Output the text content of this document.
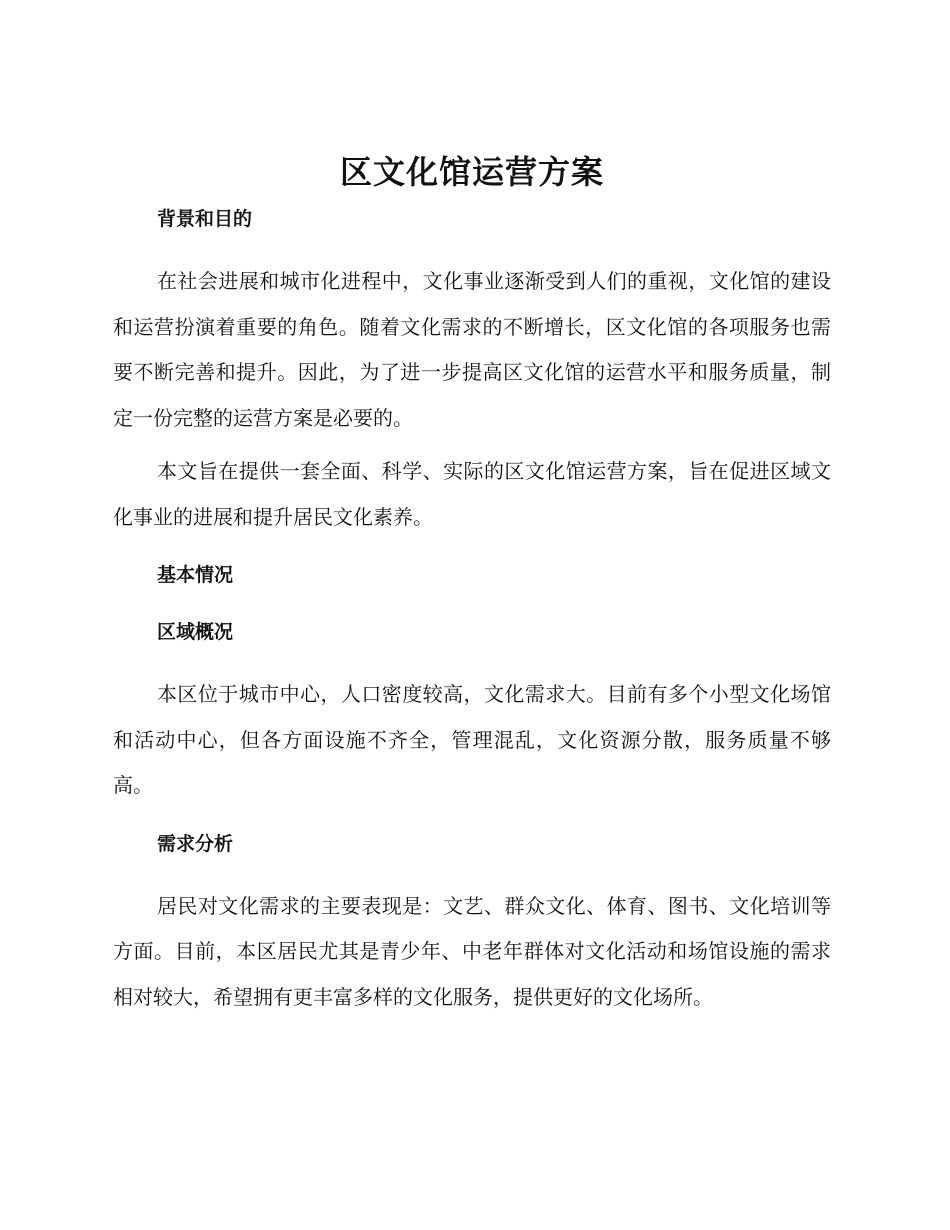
区文化馆运营方案
背景和目的

在社会进展和城市化进程中，文化事业逐渐受到人们的重视，文化馆的建设和运营扮演着重要的角色。随着文化需求的不断增长，区文化馆的各项服务也需要不断完善和提升。因此，为了进一步提高区文化馆的运营水平和服务质量，制定一份完整的运营方案是必要的。

本文旨在提供一套全面、科学、实际的区文化馆运营方案，旨在促进区域文化事业的进展和提升居民文化素养。

基本情况
区域概况

本区位于城市中心，人口密度较高，文化需求大。目前有多个小型文化场馆和活动中心，但各方面设施不齐全，管理混乱，文化资源分散，服务质量不够高。

需求分析

居民对文化需求的主要表现是：文艺、群众文化、体育、图书、文化培训等方面。目前，本区居民尤其是青少年、中老年群体对文化活动和场馆设施的需求相对较大，希望拥有更丰富多样的文化服务，提供更好的文化场所。
